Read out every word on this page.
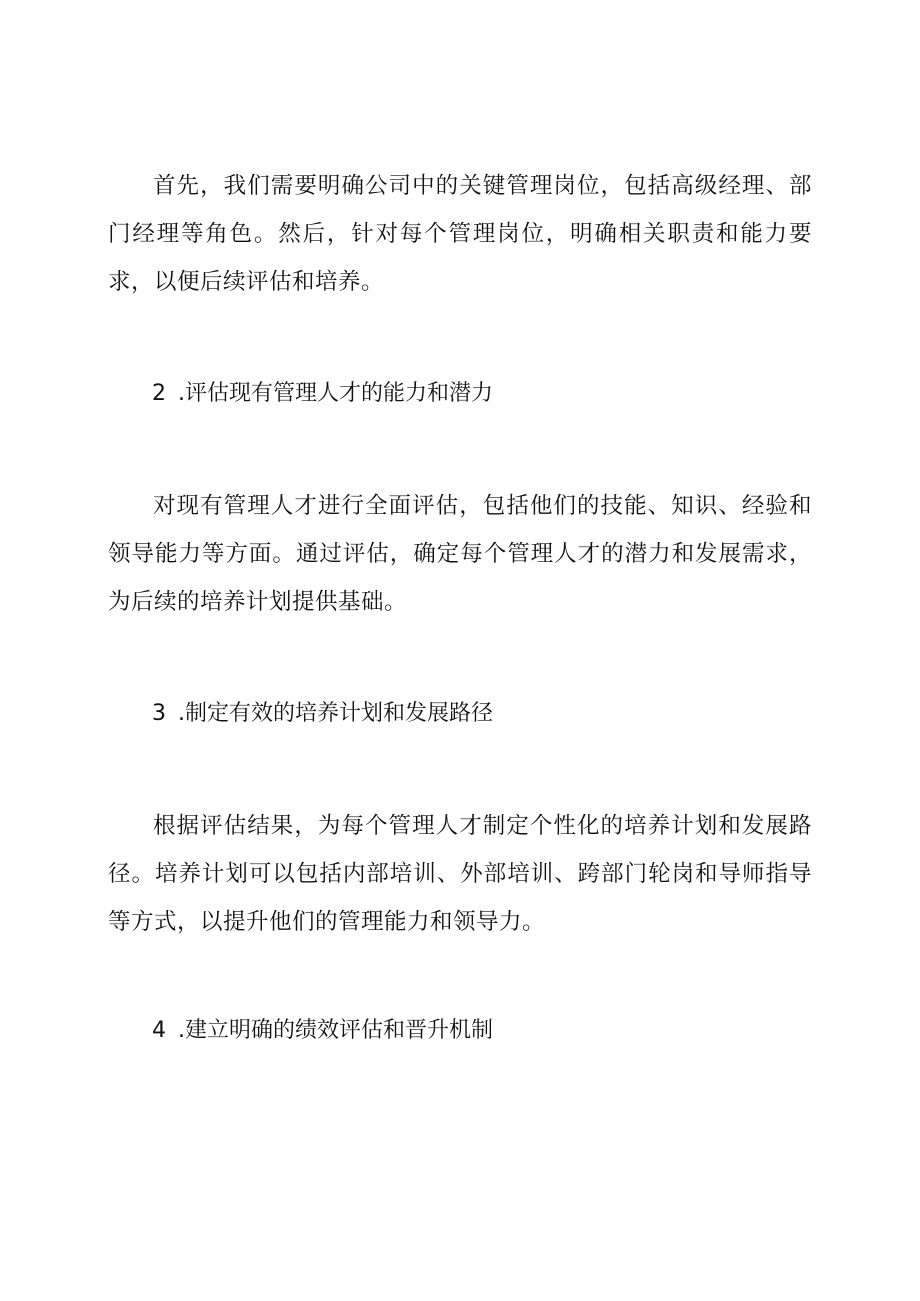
首先，我们需要明确公司中的关键管理岗位，包括高级经理、部门经理等角色。然后，针对每个管理岗位，明确相关职责和能力要求，以便后续评估和培养。

2 .评估现有管理人才的能力和潜力

对现有管理人才进行全面评估，包括他们的技能、知识、经验和领导能力等方面。通过评估，确定每个管理人才的潜力和发展需求，为后续的培养计划提供基础。

3 .制定有效的培养计划和发展路径

根据评估结果，为每个管理人才制定个性化的培养计划和发展路径。培养计划可以包括内部培训、外部培训、跨部门轮岗和导师指导等方式，以提升他们的管理能力和领导力。

4 .建立明确的绩效评估和晋升机制
